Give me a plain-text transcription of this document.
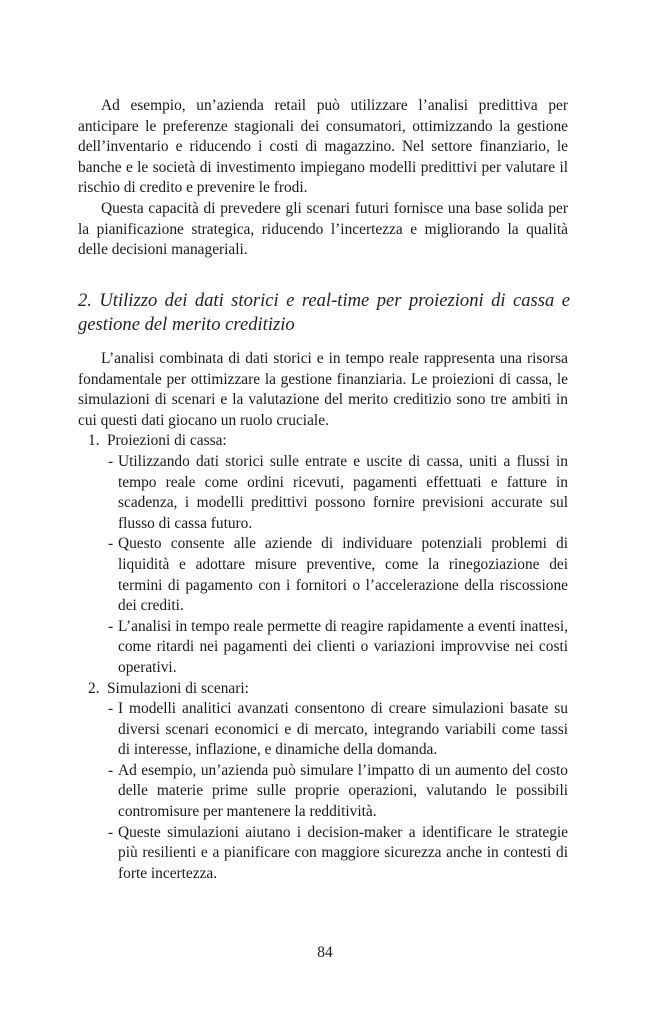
Ad esempio, un’azienda retail può utilizzare l’analisi predittiva per anticipare le preferenze stagionali dei consumatori, ottimizzando la gestione dell’inventario e riducendo i costi di magazzino. Nel settore finanziario, le banche e le società di investimento impiegano modelli predittivi per valutare il rischio di credito e prevenire le frodi.

Questa capacità di prevedere gli scenari futuri fornisce una base solida per la pianificazione strategica, riducendo l’incertezza e migliorando la qualità delle decisioni manageriali.

2. Utilizzo dei dati storici e real-time per proiezioni di cassa e gestione del merito creditizio

L’analisi combinata di dati storici e in tempo reale rappresenta una risorsa fondamentale per ottimizzare la gestione finanziaria. Le proiezioni di cassa, le simulazioni di scenari e la valutazione del merito creditizio sono tre ambiti in cui questi dati giocano un ruolo cruciale.

1. Proiezioni di cassa:
- Utilizzando dati storici sulle entrate e uscite di cassa, uniti a flussi in tempo reale come ordini ricevuti, pagamenti effettuati e fatture in scadenza, i modelli predittivi possono fornire previsioni accurate sul flusso di cassa futuro.
- Questo consente alle aziende di individuare potenziali problemi di liquidità e adottare misure preventive, come la rinegoziazione dei termini di pagamento con i fornitori o l’accelerazione della riscossione dei crediti.
- L’analisi in tempo reale permette di reagire rapidamente a eventi inattesi, come ritardi nei pagamenti dei clienti o variazioni improvvise nei costi operativi.
2. Simulazioni di scenari:
- I modelli analitici avanzati consentono di creare simulazioni basate su diversi scenari economici e di mercato, integrando variabili come tassi di interesse, inflazione, e dinamiche della domanda.
- Ad esempio, un’azienda può simulare l’impatto di un aumento del costo delle materie prime sulle proprie operazioni, valutando le possibili contromisure per mantenere la redditività.
- Queste simulazioni aiutano i decision-maker a identificare le strategie più resilienti e a pianificare con maggiore sicurezza anche in contesti di forte incertezza.
84
